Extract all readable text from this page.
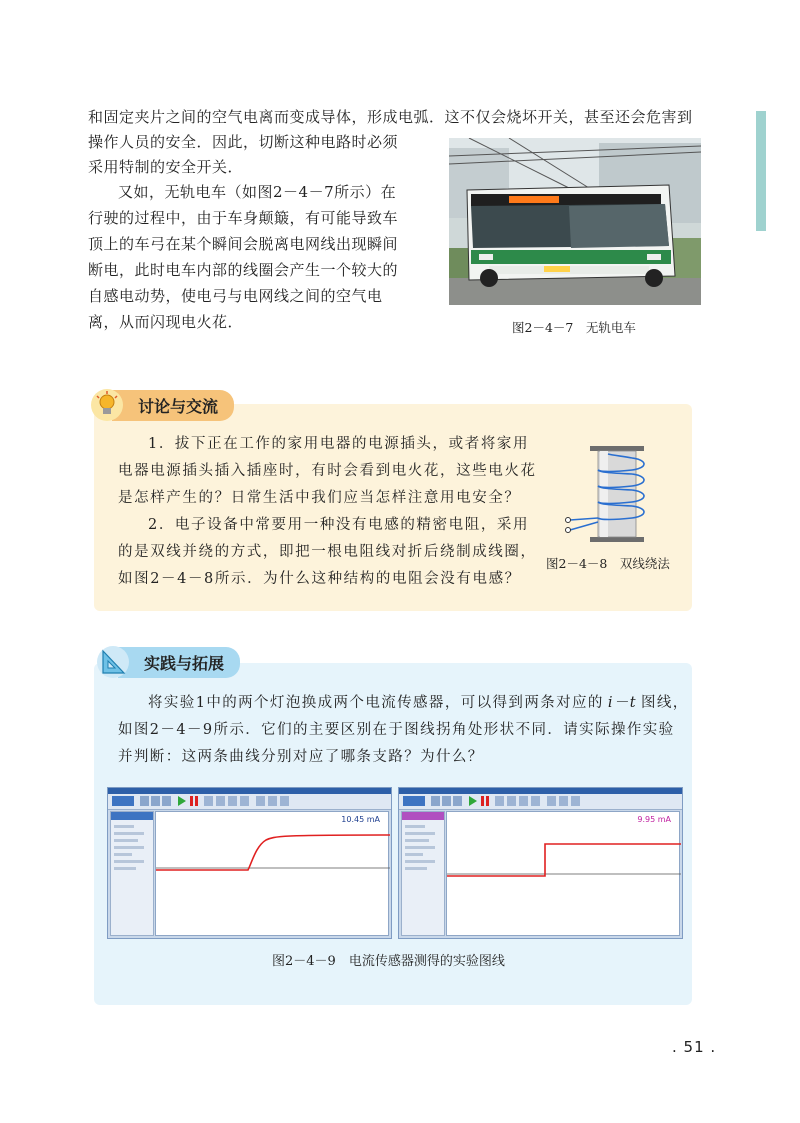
和固定夹片之间的空气电离而变成导体，形成电弧．这不仅会烧坏开关，甚至还会危害到
操作人员的安全．因此，切断这种电路时必须
采用特制的安全开关．
又如，无轨电车（如图2－4－7所示）在
行驶的过程中，由于车身颠簸，有可能导致车
顶上的车弓在某个瞬间会脱离电网线出现瞬间
断电，此时电车内部的线圈会产生一个较大的
自感电动势，使电弓与电网线之间的空气电
离，从而闪现电火花．	图2－4－7　无轨电车
讨论与交流
1．拔下正在工作的家用电器的电源插头，或者将家用
电器电源插头插入插座时，有时会看到电火花，这些电火花
是怎样产生的？日常生活中我们应当怎样注意用电安全？
2．电子设备中常要用一种没有电感的精密电阻，采用
的是双线并绕的方式，即把一根电阻线对折后绕制成线圈，
如图2－4－8所示．为什么这种结构的电阻会没有电感？
图2－4－8　双线绕法
实践与拓展
将实验1中的两个灯泡换成两个电流传感器，可以得到两条对应的 i－t 图线，
如图2－4－9所示．它们的主要区别在于图线拐角处形状不同．请实际操作实验
并判断：这两条曲线分别对应了哪条支路？为什么？
10.45 mA	9.95 mA
图2－4－9　电流传感器测得的实验图线
. 51 .
